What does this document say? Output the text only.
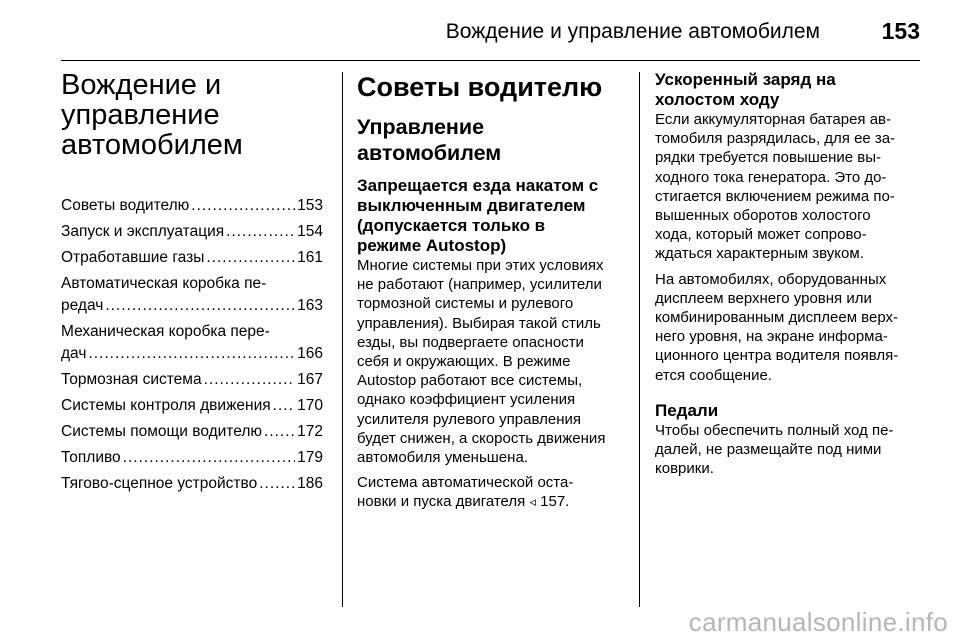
Вождение и управление автомобилем	153
Вождение и
управление
автомобилем
Советы водителю .....	153
Запуск и эксплуатация .....	154
Отработавшие газы .....	161
Автоматическая коробка пе-
редач .....	163
Механическая коробка пере-
дач .....	166
Тормозная система .....	167
Системы контроля движения ..... 170
Системы помощи водителю ..... 172
Топливо .....	179
Тягово-сцепное устройство .....	186
Советы водителю
Управление
автомобилем
Запрещается езда накатом с
выключенным двигателем
(допускается только в
режиме Autostop)

Многие системы при этих условиях
не работают (например, усилители
тормозной системы и рулевого
управления). Выбирая такой стиль
езды, вы подвергаете опасности
себя и окружающих. В режиме
Autostop работают все системы,
однако коэффициент усиления
усилителя рулевого управления
будет снижен, а скорость движения
автомобиля уменьшена.

Система автоматической оста-
новки и пуска двигателя ◃ 157.

Ускоренный заряд на
холостом ходу

Если аккумуляторная батарея ав-
томобиля разрядилась, для ее за-
рядки требуется повышение вы-
ходного тока генератора. Это до-
стигается включением режима по-
вышенных оборотов холостого
хода, который может сопрово-
ждаться характерным звуком.

На автомобилях, оборудованных
дисплеем верхнего уровня или
комбинированным дисплеем верх-
него уровня, на экране информа-
ционного центра водителя появля-
ется сообщение.

Педали

Чтобы обеспечить полный ход пе-
далей, не размещайте под ними
коврики.

carmanualsonline.info
